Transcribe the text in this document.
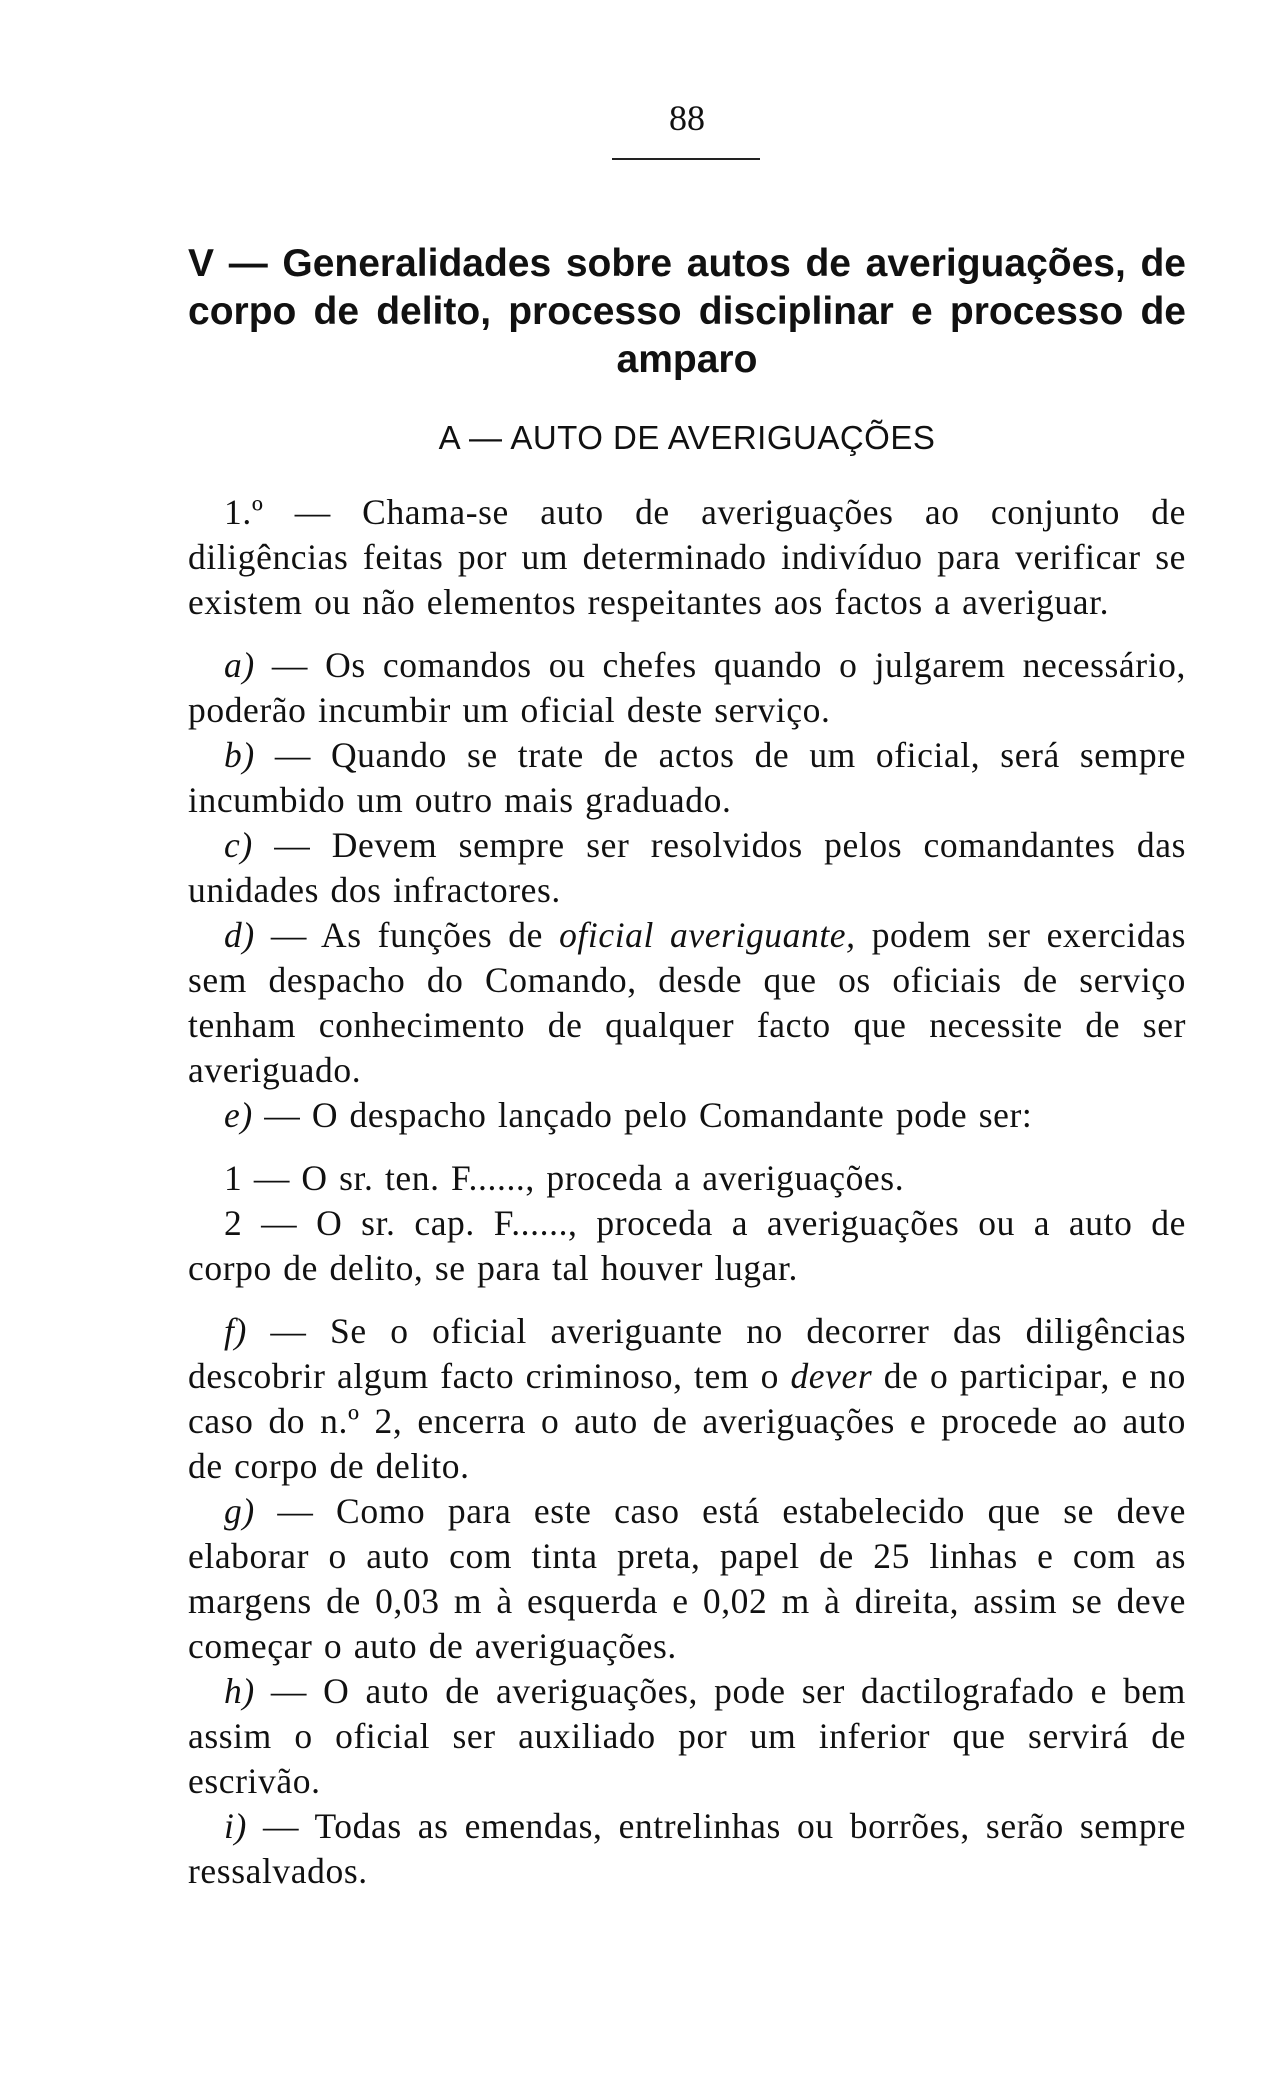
88
V — Generalidades sobre autos de averiguações, de corpo de delito, processo disciplinar e processo de amparo
A — AUTO DE AVERIGUAÇÕES

1.º — Chama-se auto de averiguações ao conjunto de diligências feitas por um determinado indivíduo para verificar se existem ou não elementos respeitantes aos factos a averiguar.

a) — Os comandos ou chefes quando o julgarem necessário, poderão incumbir um oficial deste serviço.

b) — Quando se trate de actos de um oficial, será sempre incumbido um outro mais graduado.

c) — Devem sempre ser resolvidos pelos comandantes das unidades dos infractores.

d) — As funções de oficial averiguante, podem ser exercidas sem despacho do Comando, desde que os oficiais de serviço tenham conhecimento de qualquer facto que necessite de ser averiguado.

e) — O despacho lançado pelo Comandante pode ser:

1 — O sr. ten. F......, proceda a averiguações.

2 — O sr. cap. F......, proceda a averiguações ou a auto de corpo de delito, se para tal houver lugar.

f) — Se o oficial averiguante no decorrer das diligências descobrir algum facto criminoso, tem o dever de o participar, e no caso do n.º 2, encerra o auto de averiguações e procede ao auto de corpo de delito.

g) — Como para este caso está estabelecido que se deve elaborar o auto com tinta preta, papel de 25 linhas e com as margens de 0,03 m à esquerda e 0,02 m à direita, assim se deve começar o auto de averiguações.

h) — O auto de averiguações, pode ser dactilografado e bem assim o oficial ser auxiliado por um inferior que servirá de escrivão.

i) — Todas as emendas, entrelinhas ou borrões, serão sempre ressalvados.
